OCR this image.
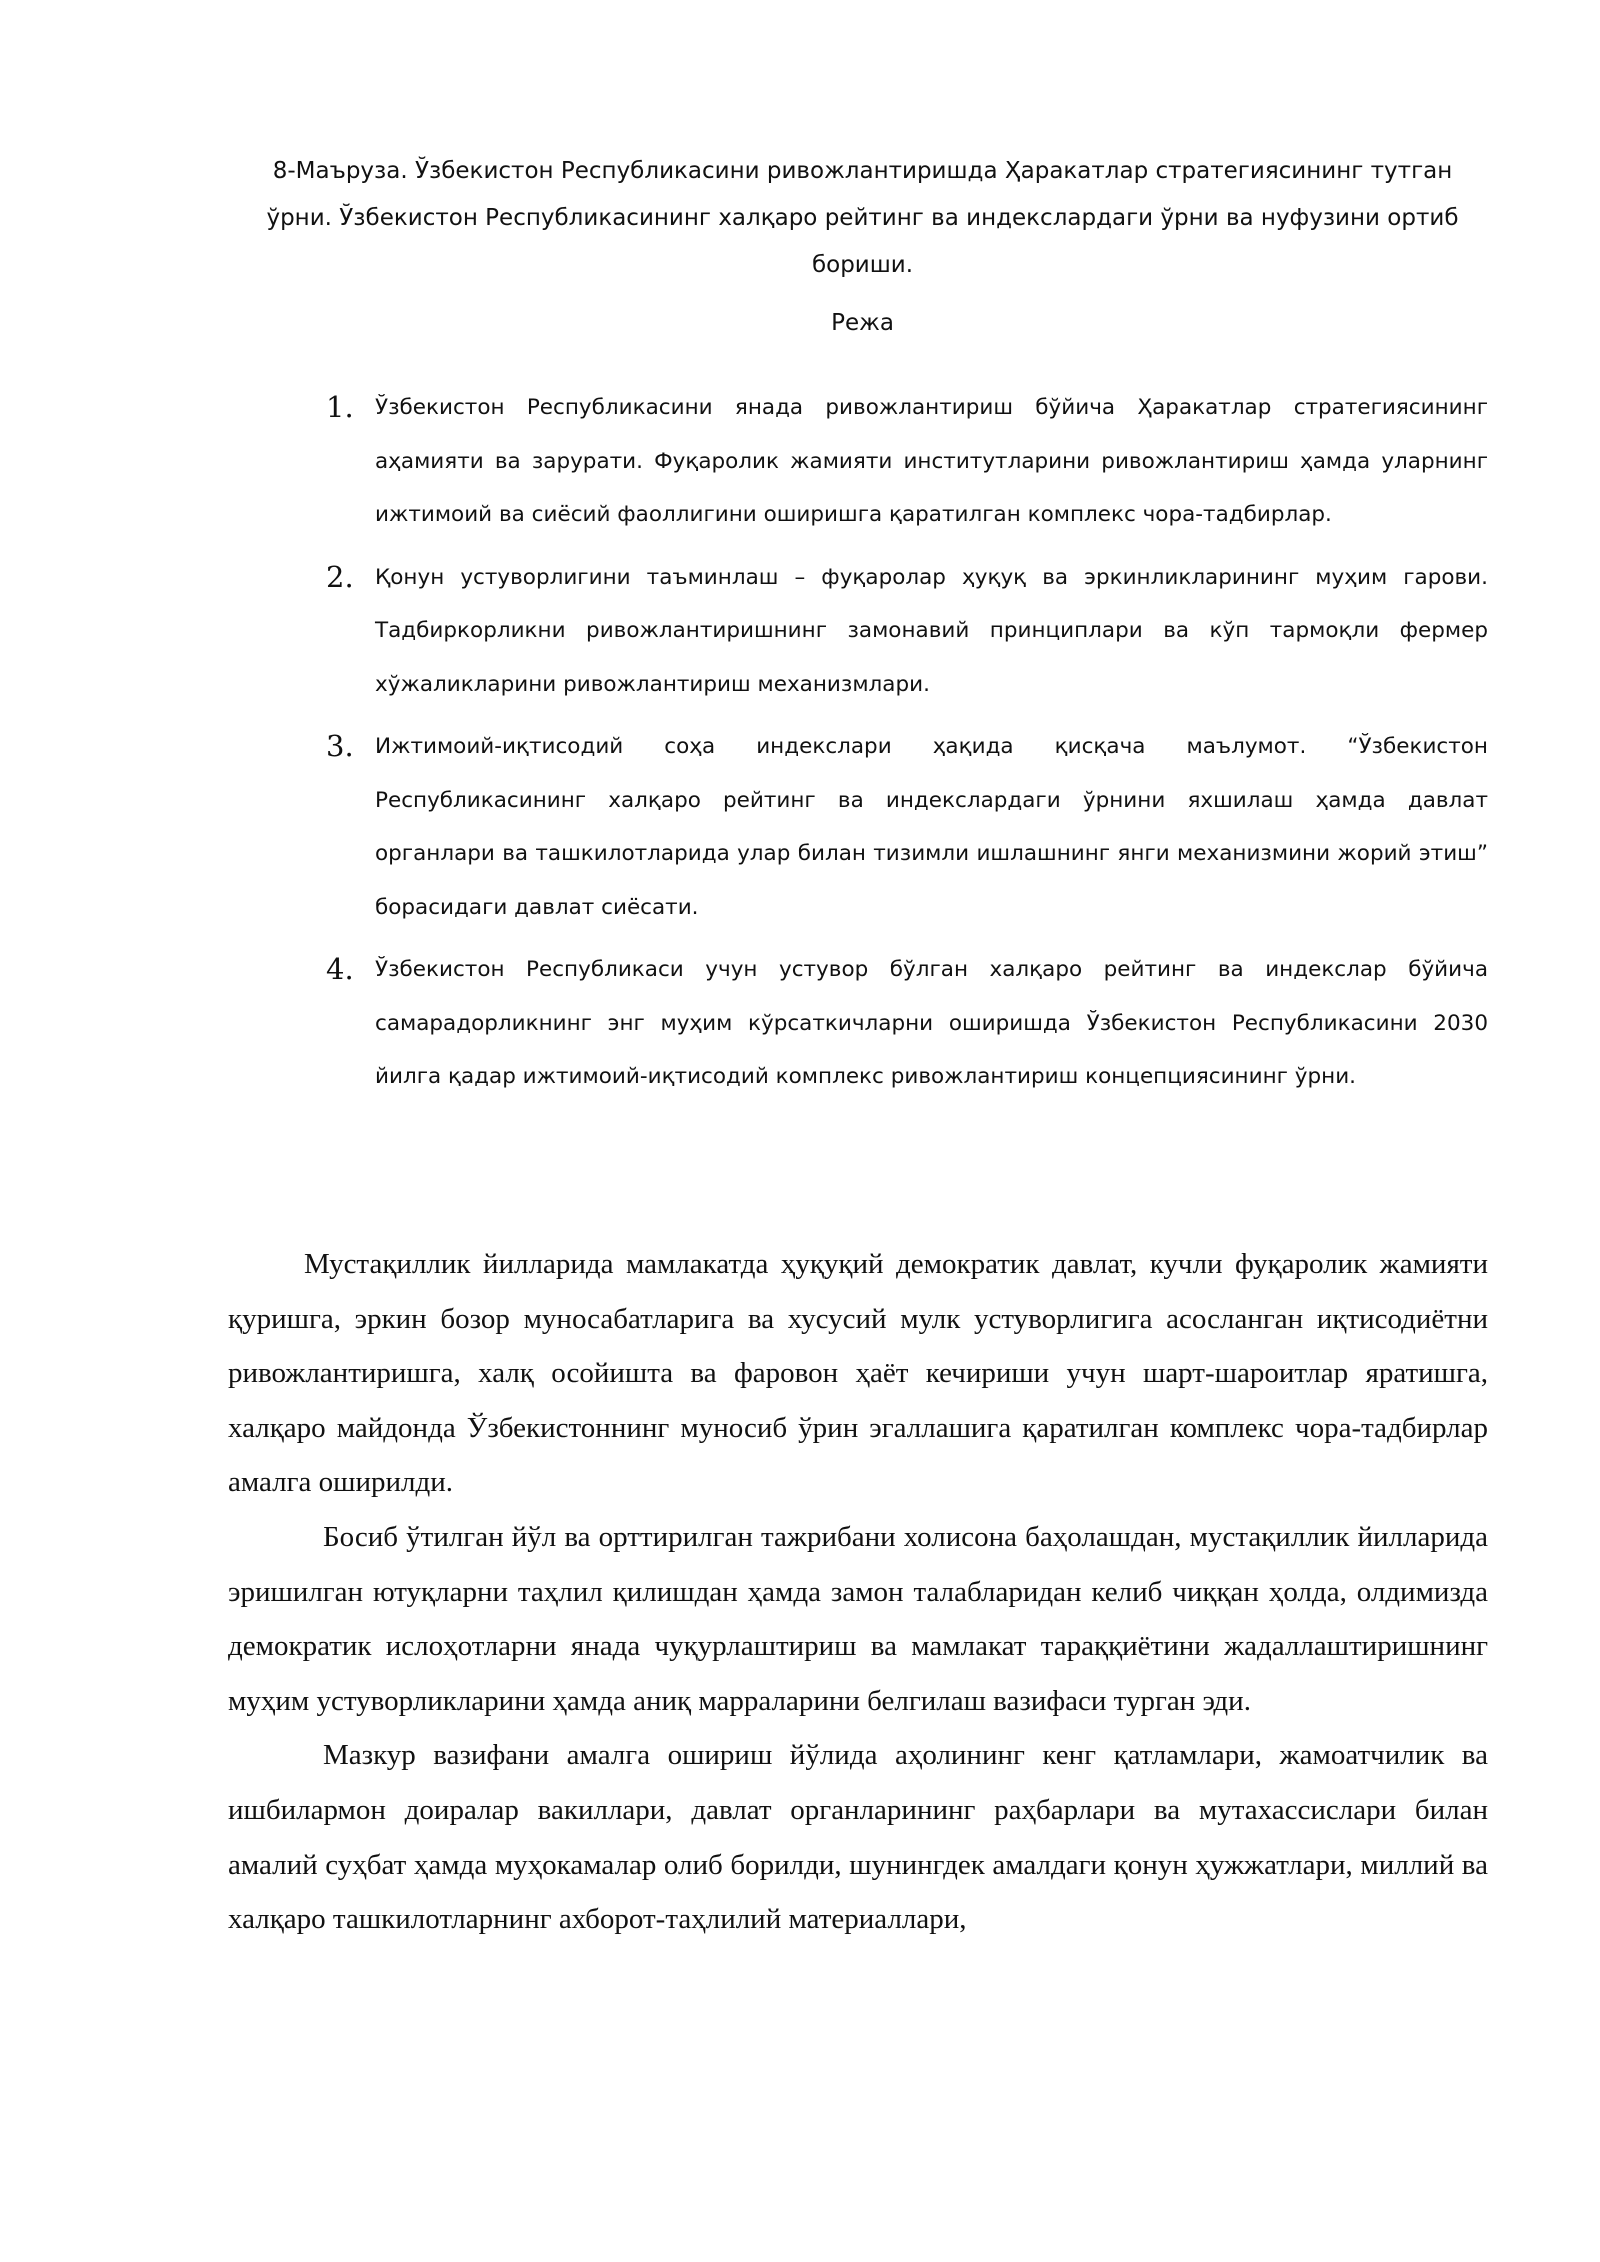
8-Маъруза. Ўзбекистон Республикасини ривожлантиришда Ҳаракатлар стратегиясининг тутган ўрни. Ўзбекистон Республикасининг халқаро рейтинг ва индекслардаги ўрни ва нуфузини ортиб бориши.
Режа
1. Ўзбекистон Республикасини янада ривожлантириш бўйича Ҳаракатлар стратегиясининг аҳамияти ва зарурати. Фуқаролик жамияти институтларини ривожлантириш ҳамда уларнинг ижтимоий ва сиёсий фаоллигини оширишга қаратилган комплекс чора-тадбирлар.
2. Қонун устуворлигини таъминлаш – фуқаролар ҳуқуқ ва эркинликларининг муҳим гарови. Тадбиркорликни ривожлантиришнинг замонавий принциплари ва кўп тармоқли фермер хўжаликларини ривожлантириш механизмлари.
3. Ижтимоий-иқтисодий соҳа индекслари ҳақида қисқача маълумот. “Ўзбекистон Республикасининг халқаро рейтинг ва индекслардаги ўрнини яхшилаш ҳамда давлат органлари ва ташкилотларида улар билан тизимли ишлашнинг янги механизмини жорий этиш” борасидаги давлат сиёсати.
4. Ўзбекистон Республикаси учун устувор бўлган халқаро рейтинг ва индекслар бўйича самарадорликнинг энг муҳим кўрсаткичларни оширишда Ўзбекистон Республикасини 2030 йилга қадар ижтимоий-иқтисодий комплекс ривожлантириш концепциясининг ўрни.

Мустақиллик йилларида мамлакатда ҳуқуқий демократик давлат, кучли фуқаролик жамияти қуришга, эркин бозор муносабатларига ва хусусий мулк устуворлигига асосланган иқтисодиётни ривожлантиришга, халқ осойишта ва фаровон ҳаёт кечириши учун шарт-шароитлар яратишга, халқаро майдонда Ўзбекистоннинг муносиб ўрин эгаллашига қаратилган комплекс чора-тадбирлар амалга оширилди.

Босиб ўтилган йўл ва орттирилган тажрибани холисона баҳолашдан, мустақиллик йилларида эришилган ютуқларни таҳлил қилишдан ҳамда замон талабларидан келиб чиққан ҳолда, олдимизда демократик ислоҳотларни янада чуқурлаштириш ва мамлакат тараққиётини жадаллаштиришнинг муҳим устуворликларини ҳамда аниқ марраларини белгилаш вазифаси турган эди.

Мазкур вазифани амалга ошириш йўлида аҳолининг кенг қатламлари, жамоатчилик ва ишбилармон доиралар вакиллари, давлат органларининг раҳбарлари ва мутахассислари билан амалий суҳбат ҳамда муҳокамалар олиб борилди, шунингдек амалдаги қонун ҳужжатлари, миллий ва халқаро ташкилотларнинг ахборот-таҳлилий материаллари,
